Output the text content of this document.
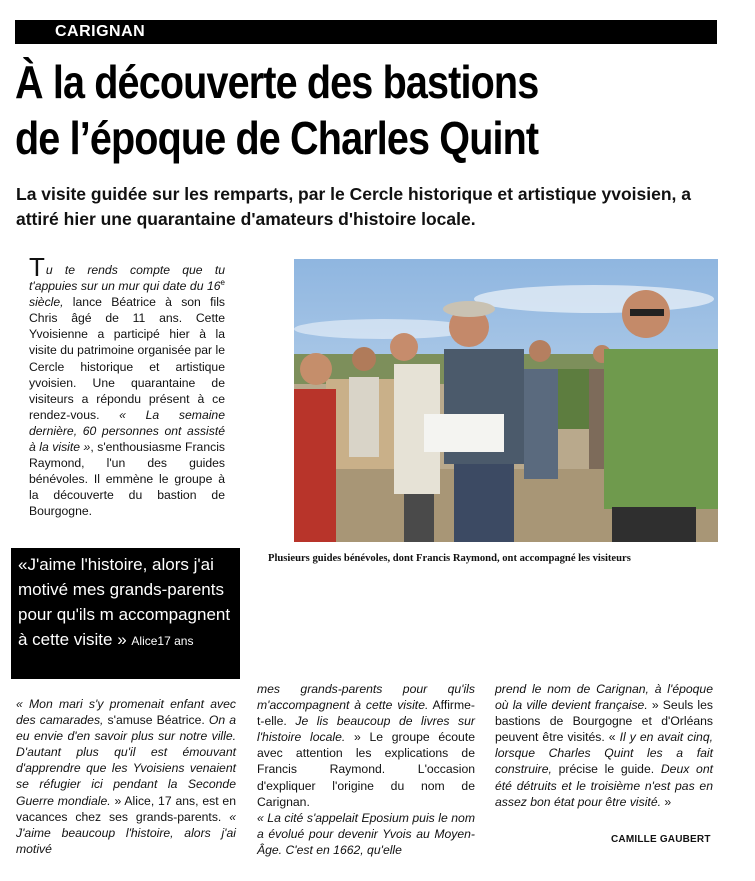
CARIGNAN
À la découverte des bastions
de l’époque de Charles Quint

La visite guidée sur les remparts, par le Cercle historique et artistique yvoisien, a attiré hier une quarantaine d'amateurs d'histoire locale.

Tu te rends compte que tu t'appuies sur un mur qui date du 16e siècle, lance Béatrice à son fils Chris âgé de 11 ans. Cette Yvoisienne a participé hier à la visite du patrimoine organisée par le Cercle historique et artistique yvoisien. Une quarantaine de visiteurs a répondu présent à ce rendez-vous. « La semaine dernière, 60 personnes ont assisté à la visite », s'enthousiasme Francis Raymond, l'un des guides bénévoles. Il emmène le groupe à la découverte du bastion de Bourgogne.

Plusieurs guides bénévoles, dont Francis Raymond, ont accompagné les visiteurs
«J'aime l'histoire, alors j'ai motivé mes grands-parents pour qu'ils m accompagnent à cette visite » Alice17 ans

« Mon mari s'y promenait enfant avec des camarades, s'amuse Béatrice. On a eu envie d'en savoir plus sur notre ville. D'autant plus qu'il est émouvant d'apprendre que les Yvoisiens venaient se réfugier ici pendant la Seconde Guerre mondiale. » Alice, 17 ans, est en vacances chez ses grands-parents. « J'aime beaucoup l'histoire, alors j'ai motivé

mes grands-parents pour qu'ils m'accompagnent à cette visite. Affirme-t-elle. Je lis beaucoup de livres sur l'histoire locale. » Le groupe écoute avec attention les explications de Francis Raymond. L'occasion d'expliquer l'origine du nom de Carignan.

« La cité s'appelait Eposium puis le nom a évolué pour devenir Yvois au Moyen-Âge. C'est en 1662, qu'elle

prend le nom de Carignan, à l'époque où la ville devient française. » Seuls les bastions de Bourgogne et d'Orléans peuvent être visités. « Il y en avait cinq, lorsque Charles Quint les a fait construire, précise le guide. Deux ont été détruits et le troisième n'est pas en assez bon état pour être visité. »

CAMILLE GAUBERT
